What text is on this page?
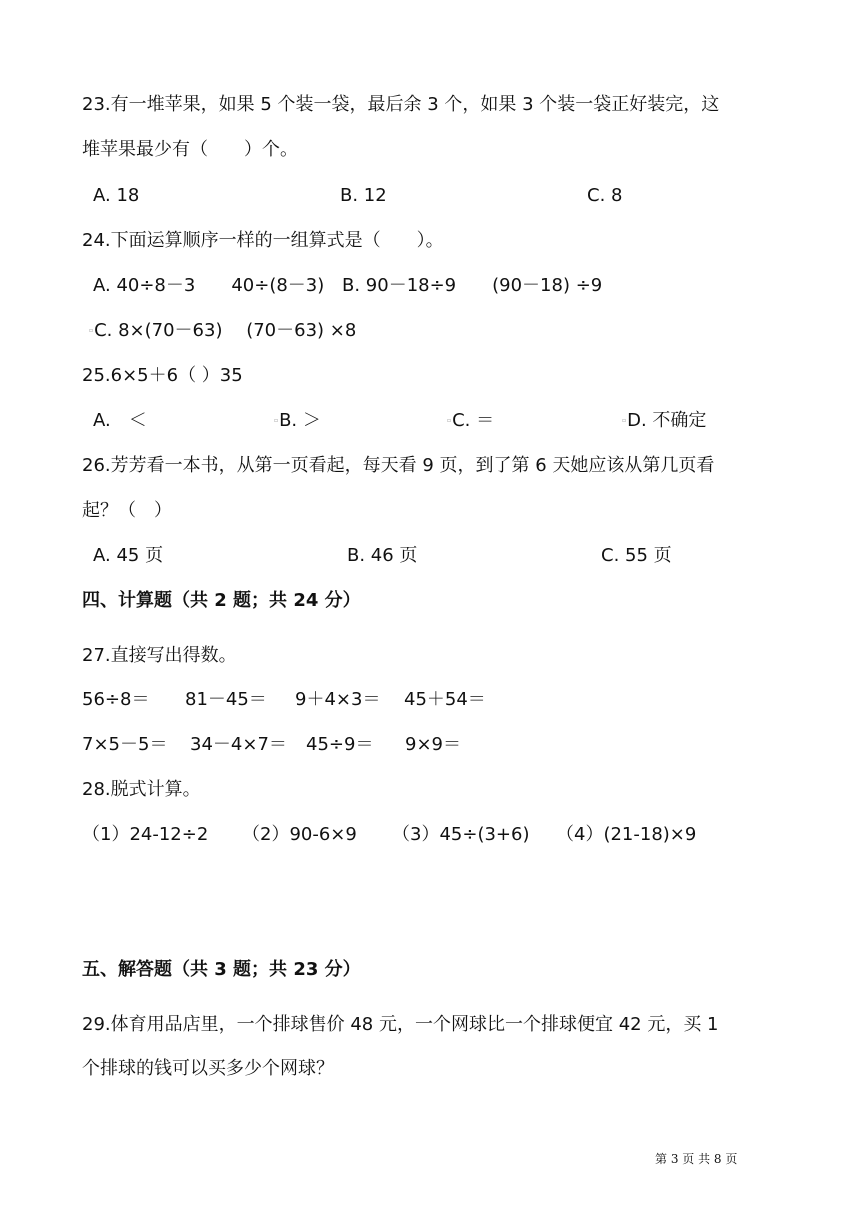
23.有一堆苹果，如果 5 个装一袋，最后余 3 个，如果 3 个装一袋正好装完，这
堆苹果最少有（　　）个。
A. 18	B. 12	C. 8
24.下面运算顺序一样的一组算式是（　　）。
A. 40÷8－3　　40÷(8－3) B. 90－18÷9　　(90－18) ÷9
▫C. 8×(70－63)　 (70－63) ×8
25.6×5＋6（ ）35
A.　＜	▫B. ＞	▫C. ＝	▫D. 不确定
26.芳芳看一本书，从第一页看起，每天看 9 页，到了第 6 天她应该从第几页看
起？（　）
A. 45 页	B. 46 页	C. 55 页
四、计算题（共 2 题；共 24 分）
27.直接写出得数。
56÷8＝ 81－45＝ 9＋4×3＝ 45＋54＝
7×5－5＝ 34－4×7＝ 45÷9＝ 9×9＝
28.脱式计算。
（1）24-12÷2 （2）90-6×9 （3）45÷(3+6) （4）(21-18)×9
五、解答题（共 3 题；共 23 分）
29.体育用品店里，一个排球售价 48 元，一个网球比一个排球便宜 42 元，买 1
个排球的钱可以买多少个网球？
第 3 页 共 8 页
